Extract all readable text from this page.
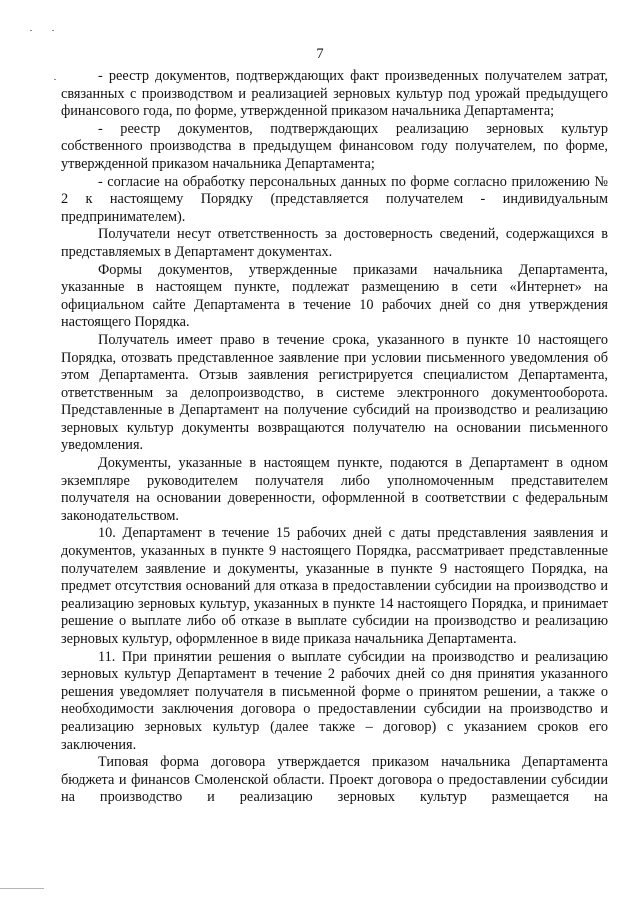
7

- реестр документов, подтверждающих факт произведенных получателем затрат, связанных с производством и реализацией зерновых культур под урожай предыдущего финансового года, по форме, утвержденной приказом начальника Департамента;

- реестр документов, подтверждающих реализацию зерновых культур собственного производства в предыдущем финансовом году получателем, по форме, утвержденной приказом начальника Департамента;

- согласие на обработку персональных данных по форме согласно приложению № 2 к настоящему Порядку (представляется получателем - индивидуальным предпринимателем).

Получатели несут ответственность за достоверность сведений, содержащихся в представляемых в Департамент документах.

Формы документов, утвержденные приказами начальника Департамента, указанные в настоящем пункте, подлежат размещению в сети «Интернет» на официальном сайте Департамента в течение 10 рабочих дней со дня утверждения настоящего Порядка.

Получатель имеет право в течение срока, указанного в пункте 10 настоящего Порядка, отозвать представленное заявление при условии письменного уведомления об этом Департамента. Отзыв заявления регистрируется специалистом Департамента, ответственным за делопроизводство, в системе электронного документооборота. Представленные в Департамент на получение субсидий на производство и реализацию зерновых культур документы возвращаются получателю на основании письменного уведомления.

Документы, указанные в настоящем пункте, подаются в Департамент в одном экземпляре руководителем получателя либо уполномоченным представителем получателя на основании доверенности, оформленной в соответствии с федеральным законодательством.

10. Департамент в течение 15 рабочих дней с даты представления заявления и документов, указанных в пункте 9 настоящего Порядка, рассматривает представленные получателем заявление и документы, указанные в пункте 9 настоящего Порядка, на предмет отсутствия оснований для отказа в предоставлении субсидии на производство и реализацию зерновых культур, указанных в пункте 14 настоящего Порядка, и принимает решение о выплате либо об отказе в выплате субсидии на производство и реализацию зерновых культур, оформленное в виде приказа начальника Департамента.

11. При принятии решения о выплате субсидии на производство и реализацию зерновых культур Департамент в течение 2 рабочих дней со дня принятия указанного решения уведомляет получателя в письменной форме о принятом решении, а также о необходимости заключения договора о предоставлении субсидии на производство и реализацию зерновых культур (далее также – договор) с указанием сроков его заключения.

Типовая форма договора утверждается приказом начальника Департамента бюджета и финансов Смоленской области. Проект договора о предоставлении субсидии на производство и реализацию зерновых культур размещается на
